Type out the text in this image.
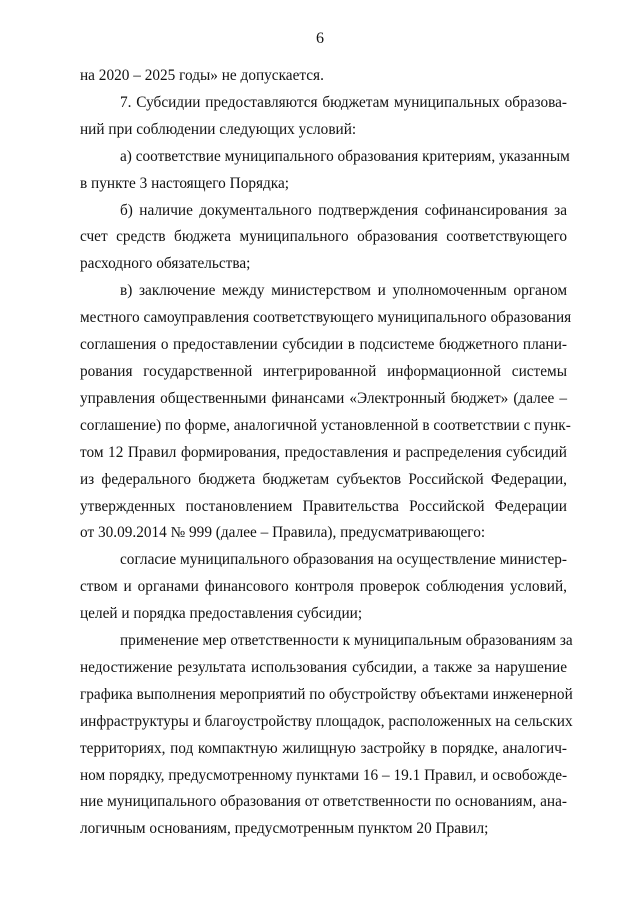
6

на 2020 – 2025 годы» не допускается.

7. Субсидии предоставляются бюджетам муниципальных образова-
ний при соблюдении следующих условий:

а) соответствие муниципального образования критериям, указанным
в пункте 3 настоящего Порядка;

б) наличие документального подтверждения софинансирования за
счет средств бюджета муниципального образования соответствующего
расходного обязательства;

в) заключение между министерством и уполномоченным органом
местного самоуправления соответствующего муниципального образования
соглашения о предоставлении субсидии в подсистеме бюджетного плани-
рования государственной интегрированной информационной системы
управления общественными финансами «Электронный бюджет» (далее –
соглашение) по форме, аналогичной установленной в соответствии с пунк-
том 12 Правил формирования, предоставления и распределения субсидий
из федерального бюджета бюджетам субъектов Российской Федерации,
утвержденных постановлением Правительства Российской Федерации
от 30.09.2014 № 999 (далее – Правила), предусматривающего:

согласие муниципального образования на осуществление министер-
ством и органами финансового контроля проверок соблюдения условий,
целей и порядка предоставления субсидии;

применение мер ответственности к муниципальным образованиям за
недостижение результата использования субсидии, а также за нарушение
графика выполнения мероприятий по обустройству объектами инженерной
инфраструктуры и благоустройству площадок, расположенных на сельских
территориях, под компактную жилищную застройку в порядке, аналогич-
ном порядку, предусмотренному пунктами 16 – 19.1 Правил, и освобожде-
ние муниципального образования от ответственности по основаниям, ана-
логичным основаниям, предусмотренным пунктом 20 Правил;
